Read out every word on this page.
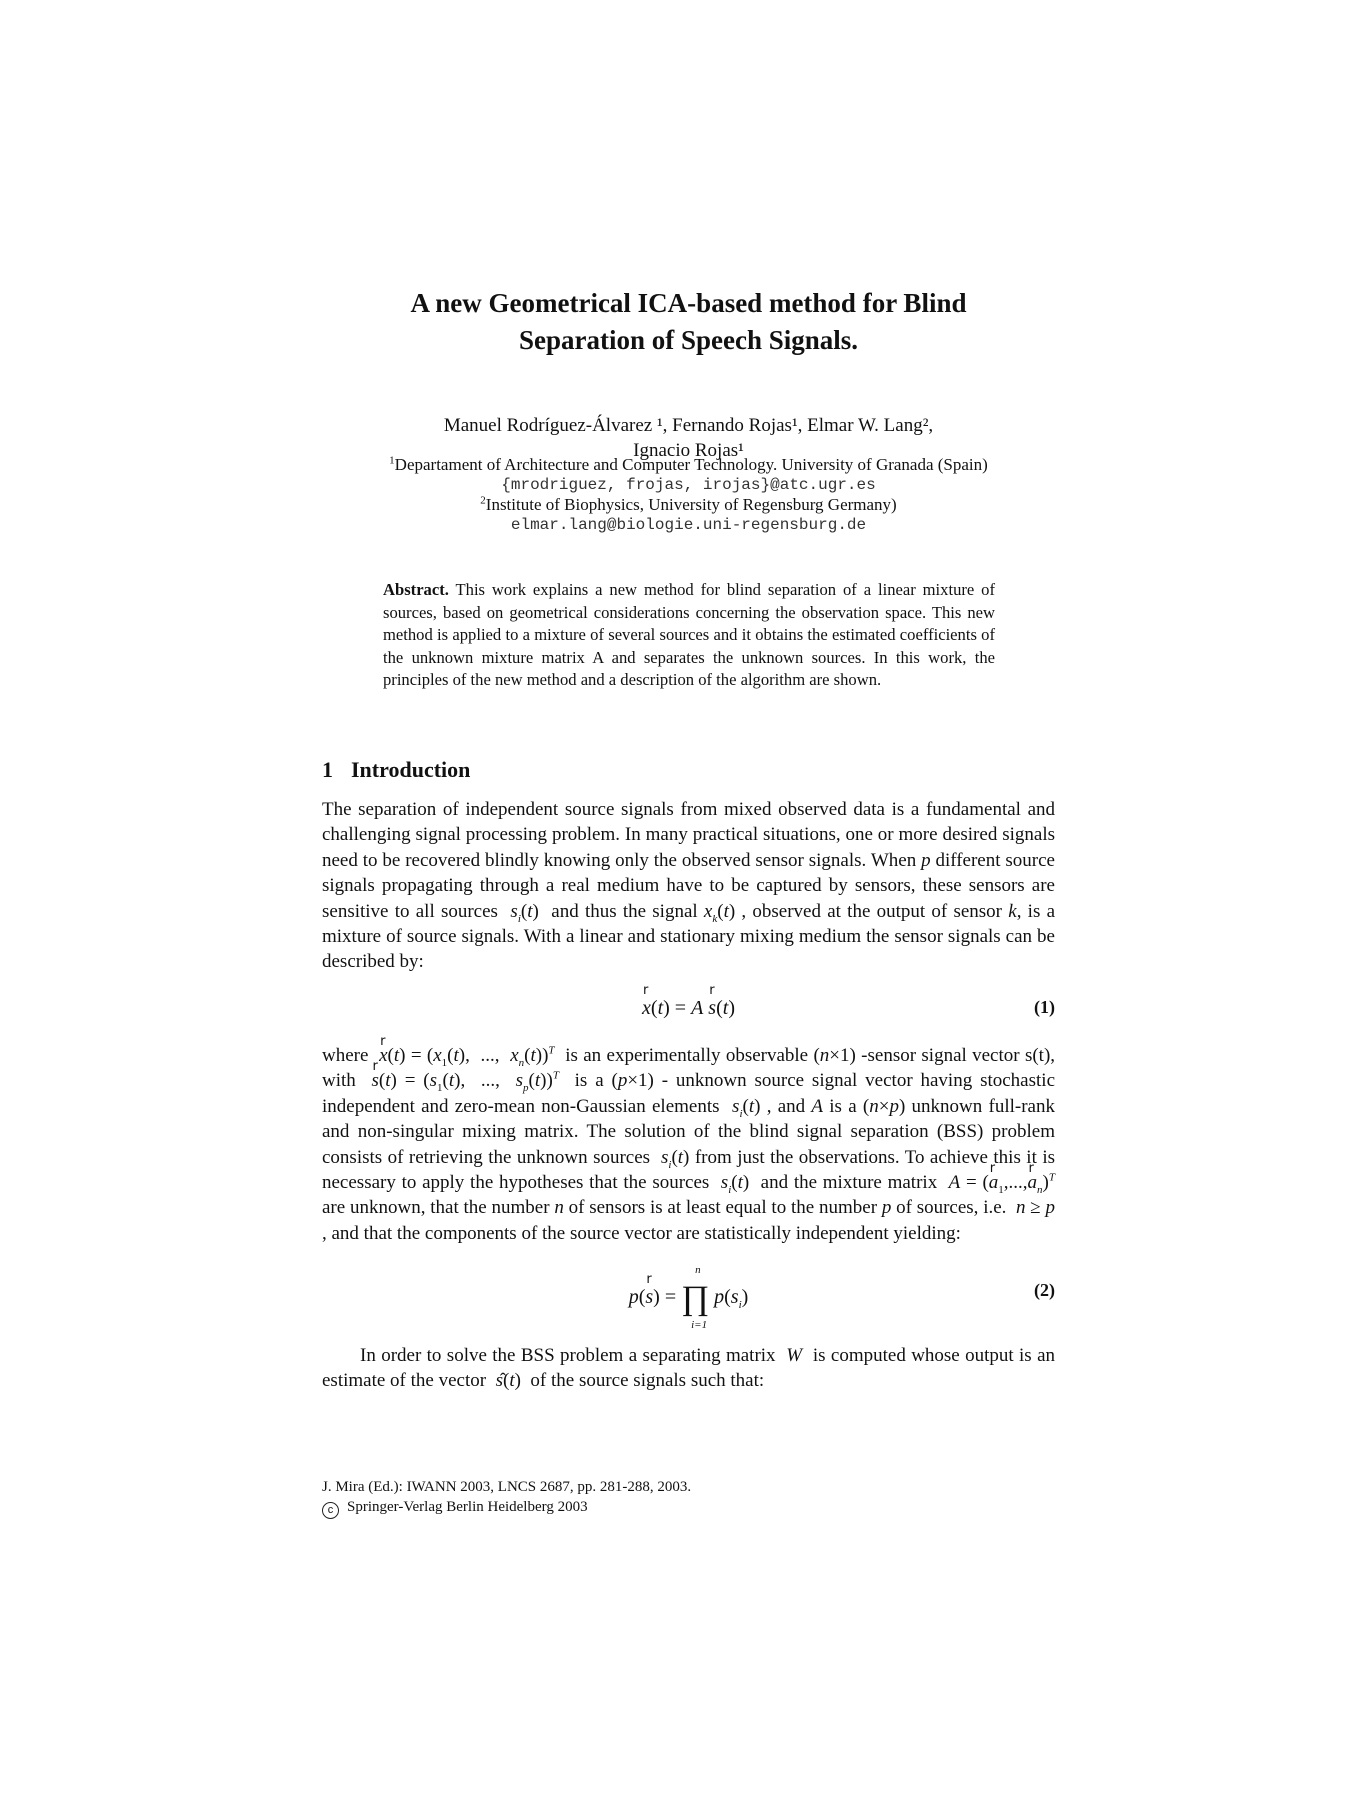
A new Geometrical ICA-based method for Blind
Separation of Speech Signals.
Manuel Rodríguez-Álvarez ¹, Fernando Rojas¹, Elmar W. Lang²,
Ignacio Rojas¹
$^1$Departament of Architecture and Computer Technology. University of Granada (Spain)
{mrodriguez, frojas, irojas}@atc.ugr.es
$^2$Institute of Biophysics, University of Regensburg Germany)
elmar.lang@biologie.uni-regensburg.de
Abstract. This work explains a new method for blind separation of a linear mixture of sources, based on geometrical considerations concerning the observation space. This new method is applied to a mixture of several sources and it obtains the estimated coefficients of the unknown mixture matrix A and separates the unknown sources. In this work, the principles of the new method and a description of the algorithm are shown.
1 Introduction
The separation of independent source signals from mixed observed data is a fundamental and challenging signal processing problem. In many practical situations, one or more desired signals need to be recovered blindly knowing only the observed sensor signals. When p different source signals propagating through a real medium have to be captured by sensors, these sensors are sensitive to all sources  $s_i(t)$  and thus the signal $x_k(t)$ , observed at the output of sensor k, is a mixture of source signals. With a linear and stationary mixing medium the sensor signals can be described by:
r x(t) = A r s(t)	(1)
where  r $x(t) = (x_1(t)$,  ...,  $x_n(t))^T$  is an experimentally observable (n×1) -sensor signal vector s(t), with  r $s(t) = (s_1(t)$,  ...,  $s_p(t))^T$  is a (p×1) - unknown source signal vector having stochastic independent and zero-mean non-Gaussian elements  $s_i(t)$ , and A is a (n×p) unknown full-rank and non-singular mixing matrix. The solution of the blind signal separation (BSS) problem consists of retrieving the unknown sources  $s_i(t)$ from just the observations. To achieve this it is necessary to apply the hypotheses that the sources  $s_i(t)$  and the mixture matrix  A = (r $a_1,...,r$ $a_n)^T$ are unknown, that the number n of sensors is at least equal to the number p of sources, i.e.  n ≥ p , and that the components of the source vector are statistically independent yielding:
p(r s) = ∏
n
i=1
$p(s_i)$	(2)
In order to solve the BSS problem a separating matrix  W  is computed whose output is an estimate of the vector  ŝ(t)  of the source signals such that:
J. Mira (Ed.): IWANN 2003, LNCS 2687, pp. 281-288, 2003.
c Springer-Verlag Berlin Heidelberg 2003
